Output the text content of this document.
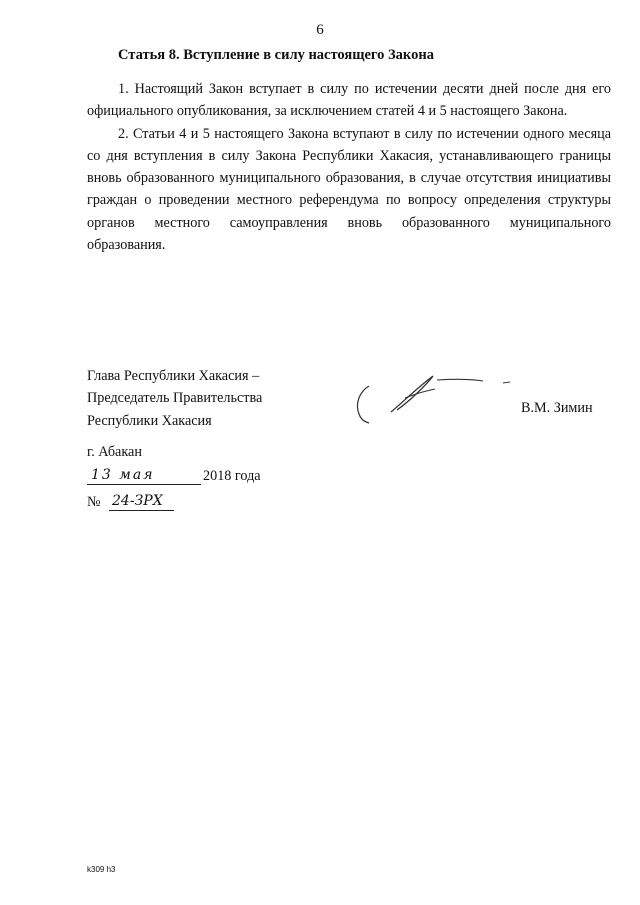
6
Статья 8. Вступление в силу настоящего Закона

1. Настоящий Закон вступает в силу по истечении десяти дней после дня его официального опубликования, за исключением статей 4 и 5 настоящего Закона.

2. Статьи 4 и 5 настоящего Закона вступают в силу по истечении одного месяца со дня вступления в силу Закона Республики Хакасия, устанавливающего границы вновь образованного муниципального образования, в случае отсутствия инициативы граждан о проведении местного референдума по вопросу определения структуры органов местного самоуправления вновь образованного муниципального образования.

Глава Республики Хакасия –
Председатель Правительства
Республики Хакасия
В.М. Зимин
г. Абакан
13 мая	2018 года
№ 24-ЗРХ
k309 h3
